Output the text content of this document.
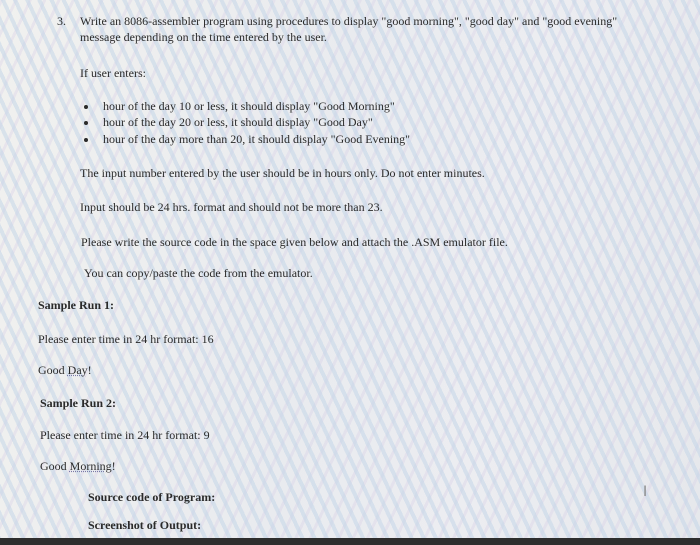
3. Write an 8086-assembler program using procedures to display "good morning", "good day" and "good evening"
message depending on the time entered by the user.
If user enters:
hour of the day 10 or less, it should display "Good Morning"
hour of the day 20 or less, it should display "Good Day"
hour of the day more than 20, it should display "Good Evening"
The input number entered by the user should be in hours only. Do not enter minutes.
Input should be 24 hrs. format and should not be more than 23.
Please write the source code in the space given below and attach the .ASM emulator file.
You can copy/paste the code from the emulator.
Sample Run 1:
Please enter time in 24 hr format: 16
Good Day!
Sample Run 2:
Please enter time in 24 hr format: 9
Good Morning!
Source code of Program:
Screenshot of Output:
I
